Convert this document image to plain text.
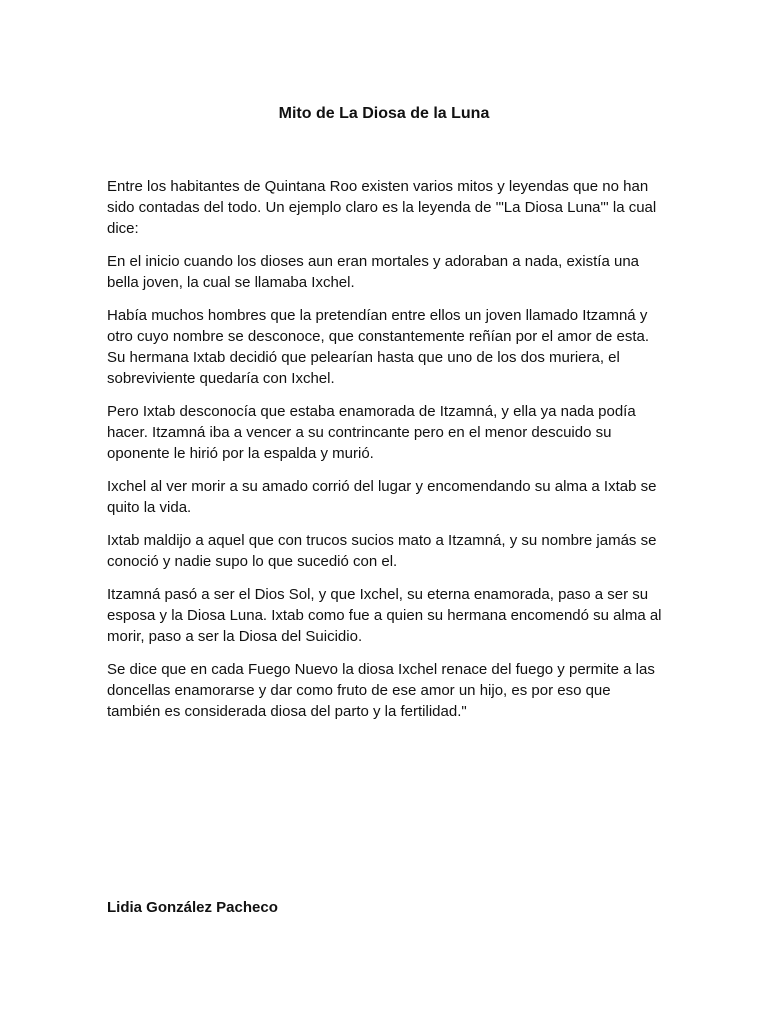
Mito de La Diosa de la Luna

Entre los habitantes de Quintana Roo existen varios mitos y leyendas que no han sido contadas del todo. Un ejemplo claro es la leyenda de '"La Diosa Luna"' la cual dice:

En el inicio cuando los dioses aun eran mortales y adoraban a nada, existía una bella joven, la cual se llamaba Ixchel.

Había muchos hombres que la pretendían entre ellos un joven llamado Itzamná y otro cuyo nombre se desconoce, que constantemente reñían por el amor de esta. Su hermana Ixtab decidió que pelearían hasta que uno de los dos muriera, el sobreviviente quedaría con Ixchel.

Pero Ixtab desconocía que estaba enamorada de Itzamná, y ella ya nada podía hacer. Itzamná iba a vencer a su contrincante pero en el menor descuido su oponente le hirió por la espalda y murió.

Ixchel al ver morir a su amado corrió del lugar y encomendando su alma a Ixtab se quito la vida.

Ixtab maldijo a aquel que con trucos sucios mato a Itzamná, y su nombre jamás se conoció y nadie supo lo que sucedió con el.

Itzamná pasó a ser el Dios Sol, y que Ixchel, su eterna enamorada, paso a ser su esposa y la Diosa Luna. Ixtab como fue a quien su hermana encomendó su alma al morir, paso a ser la Diosa del Suicidio.

Se dice que en cada Fuego Nuevo la diosa Ixchel renace del fuego y permite a las doncellas enamorarse y dar como fruto de ese amor un hijo, es por eso que también es considerada diosa del parto y la fertilidad."

Lidia González Pacheco
